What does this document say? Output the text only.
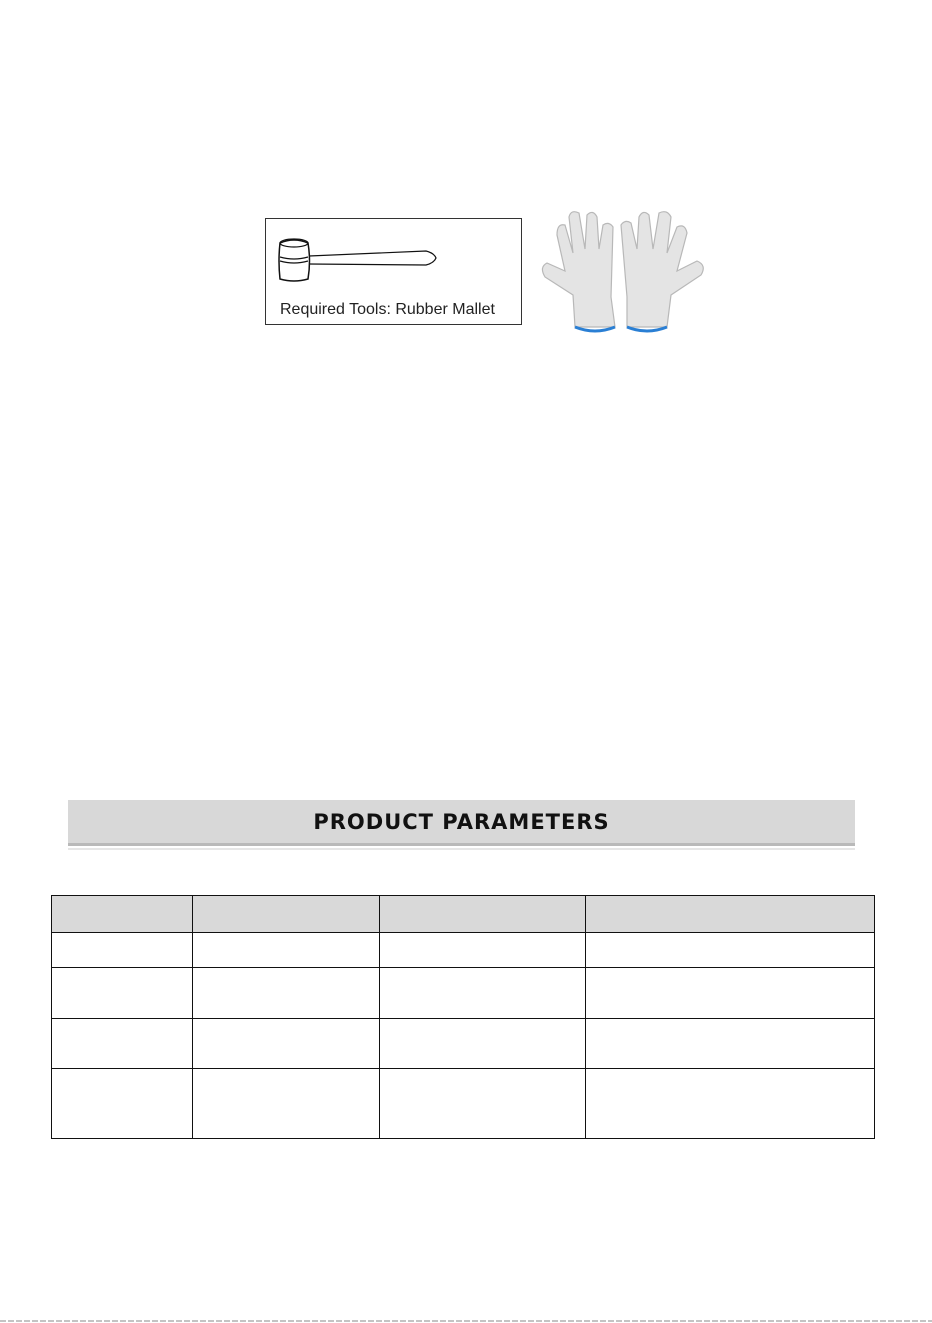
Required Tools: Rubber Mallet
PRODUCT PARAMETERS
